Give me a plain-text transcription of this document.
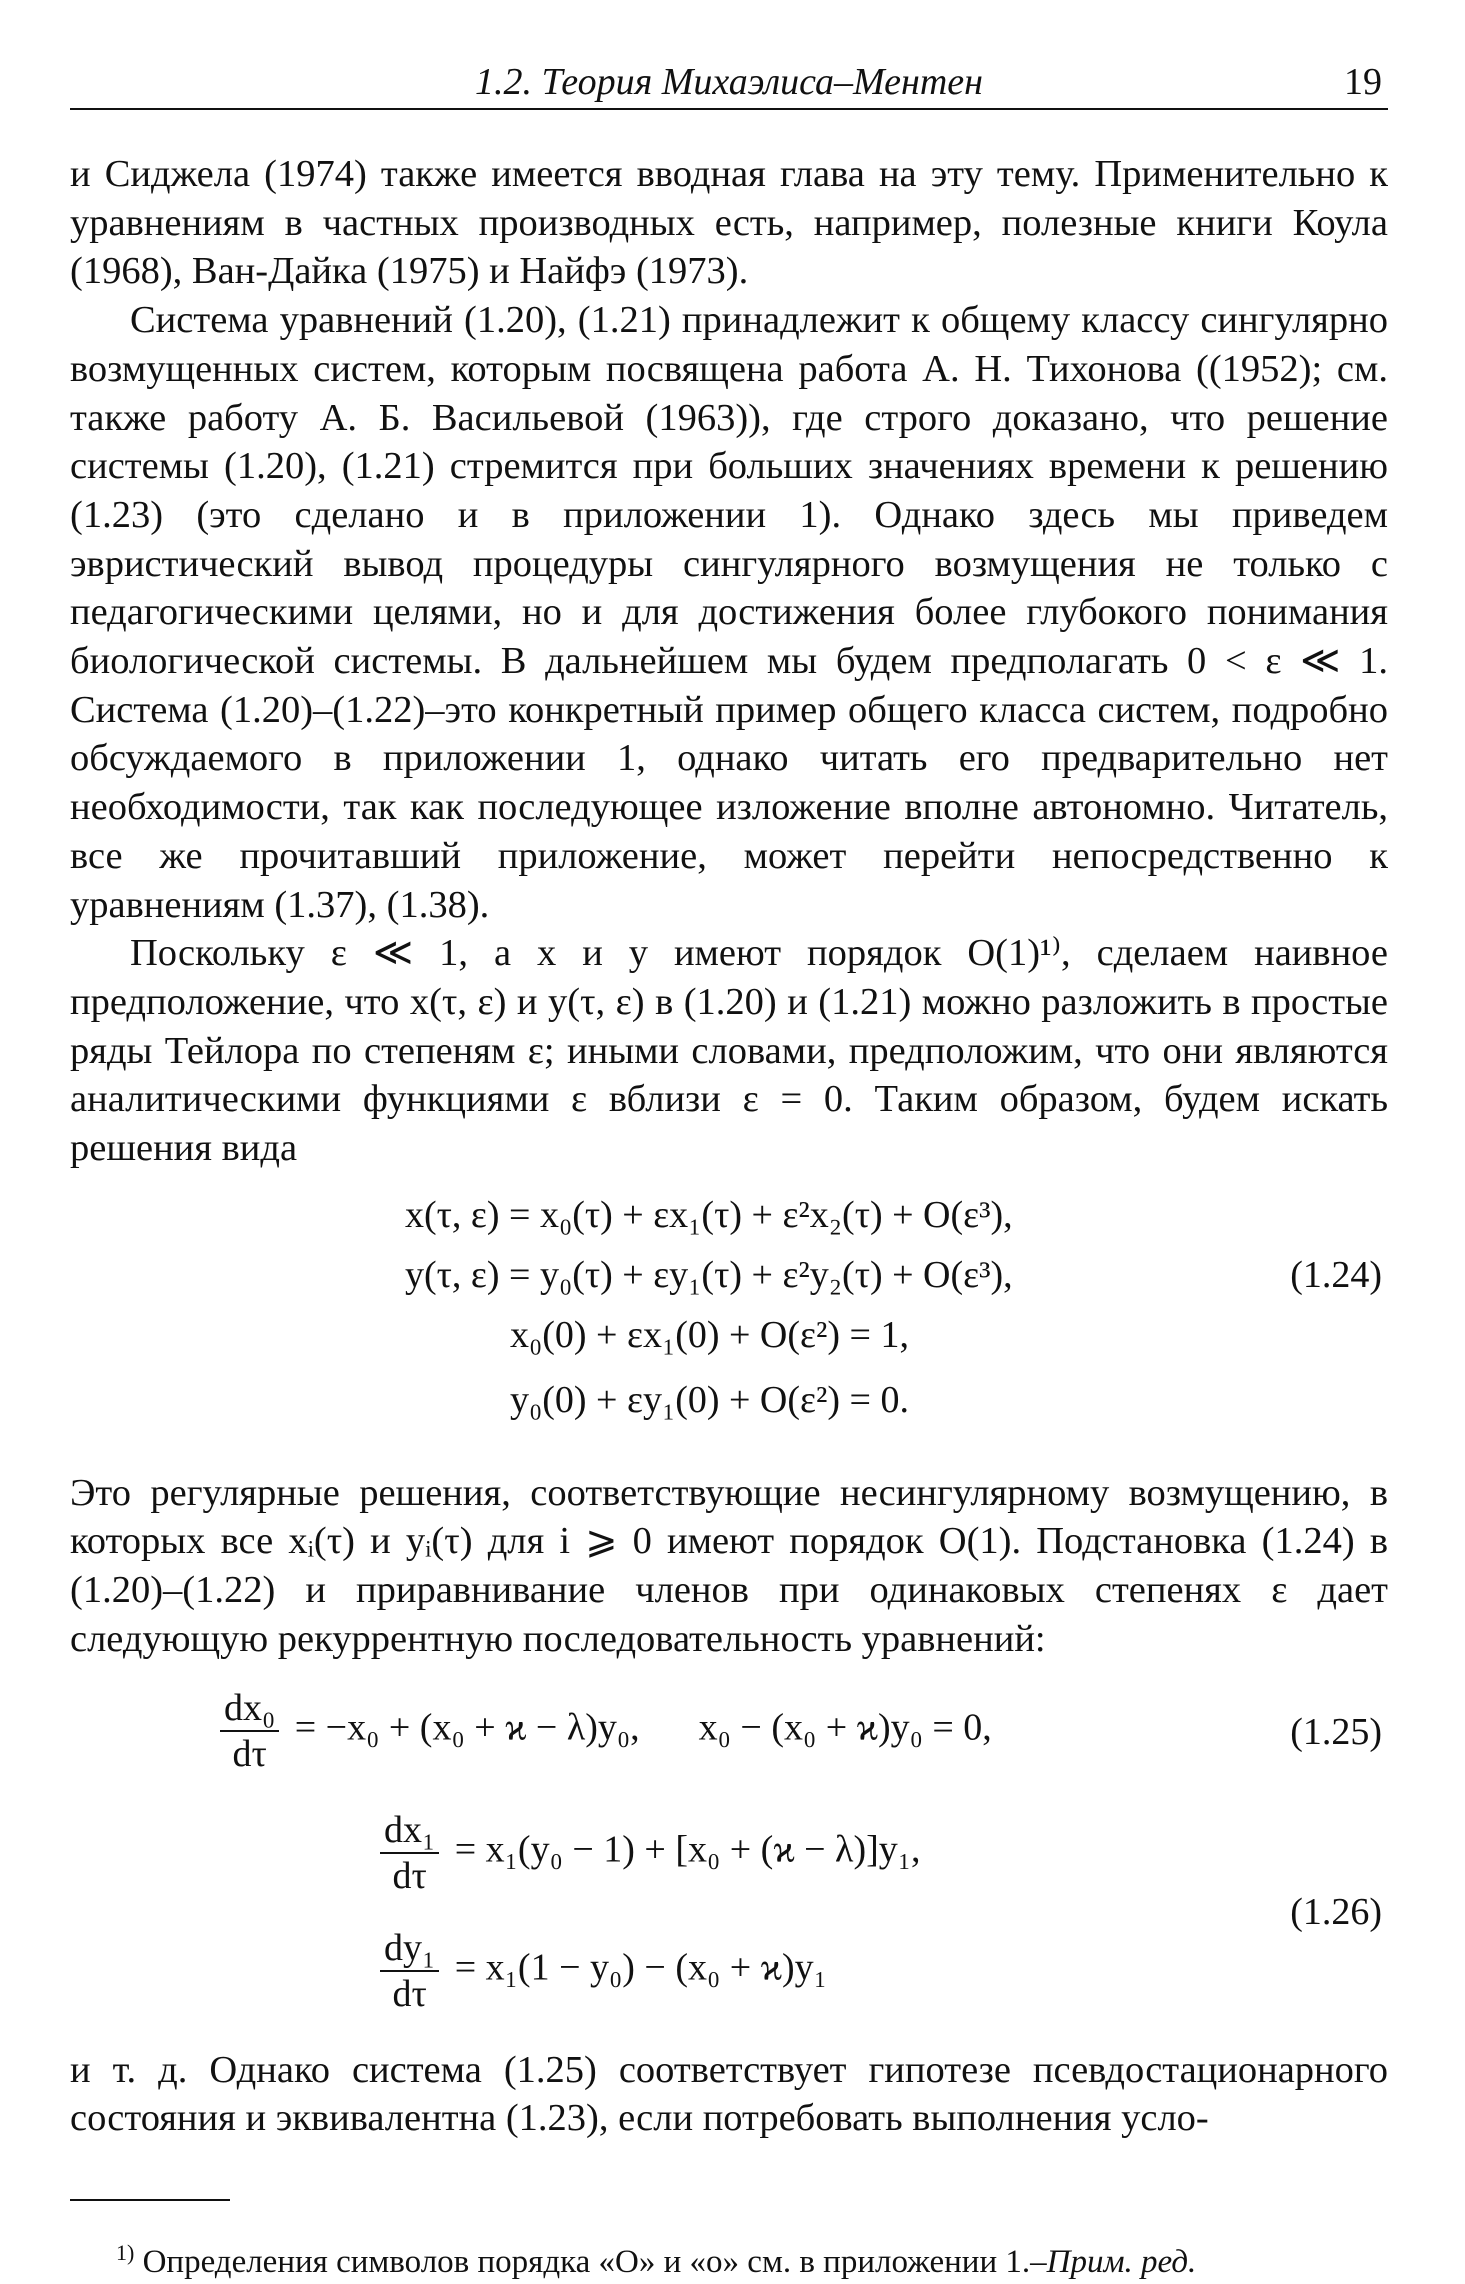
1.2. Теория Михаэлиса–Ментен	19

и Сиджела (1974) также имеется вводная глава на эту тему. Применительно к уравнениям в частных производных есть, например, полезные книги Коула (1968), Ван-Дайка (1975) и Найфэ (1973).

Система уравнений (1.20), (1.21) принадлежит к общему классу сингулярно возмущенных систем, которым посвящена работа А. Н. Тихонова ((1952); см. также работу А. Б. Васильевой (1963)), где строго доказано, что решение системы (1.20), (1.21) стремится при больших значениях времени к решению (1.23) (это сделано и в приложении 1). Однако здесь мы приведем эвристический вывод процедуры сингулярного возмущения не только с педагогическими целями, но и для достижения более глубокого понимания биологической системы. В дальнейшем мы будем предполагать 0 < ε ≪ 1. Система (1.20)–(1.22)–это конкретный пример общего класса систем, подробно обсуждаемого в приложении 1, однако читать его предварительно нет необходимости, так как последующее изложение вполне автономно. Читатель, все же прочитавший приложение, может перейти непосредственно к уравнениям (1.37), (1.38).

Поскольку ε ≪ 1, а x и y имеют порядок O(1)¹⁾, сделаем наивное предположение, что x(τ, ε) и y(τ, ε) в (1.20) и (1.21) можно разложить в простые ряды Тейлора по степеням ε; иными словами, предположим, что они являются аналитическими функциями ε вблизи ε = 0. Таким образом, будем искать решения вида

x(τ, ε) = x₀(τ) + εx₁(τ) + ε²x₂(τ) + O(ε³),
y(τ, ε) = y₀(τ) + εy₁(τ) + ε²y₂(τ) + O(ε³),
x₀(0) + εx₁(0) + O(ε²) = 1,
y₀(0) + εy₁(0) + O(ε²) = 0.
(1.24)

Это регулярные решения, соответствующие несингулярному возмущению, в которых все xᵢ(τ) и yᵢ(τ) для i ⩾ 0 имеют порядок O(1). Подстановка (1.24) в (1.20)–(1.22) и приравнивание членов при одинаковых степенях ε дает следующую рекуррентную последовательность уравнений:

$\frac{\text{dx₀}}{d\tau} = -x_0 + (x_0 + ϰ - \lambda)y_0$, x₀ − (x₀ + ϰ)y₀ = 0,	(1.25)
$\frac{\text{dx₁}}{d\tau} = x_1(y_0 - 1) + [x_0 + (ϰ - \lambda)]y_1$,
$\frac{\text{dy₁}}{d\tau} = x_1(1 - y_0) - (x_0 + ϰ)y_1$
(1.26)

и т. д. Однако система (1.25) соответствует гипотезе псевдостационарного состояния и эквивалентна (1.23), если потребовать выполнения усло-

$^{1)}$ Определения символов порядка «O» и «o» см. в приложении 1.–Прим. ред.
